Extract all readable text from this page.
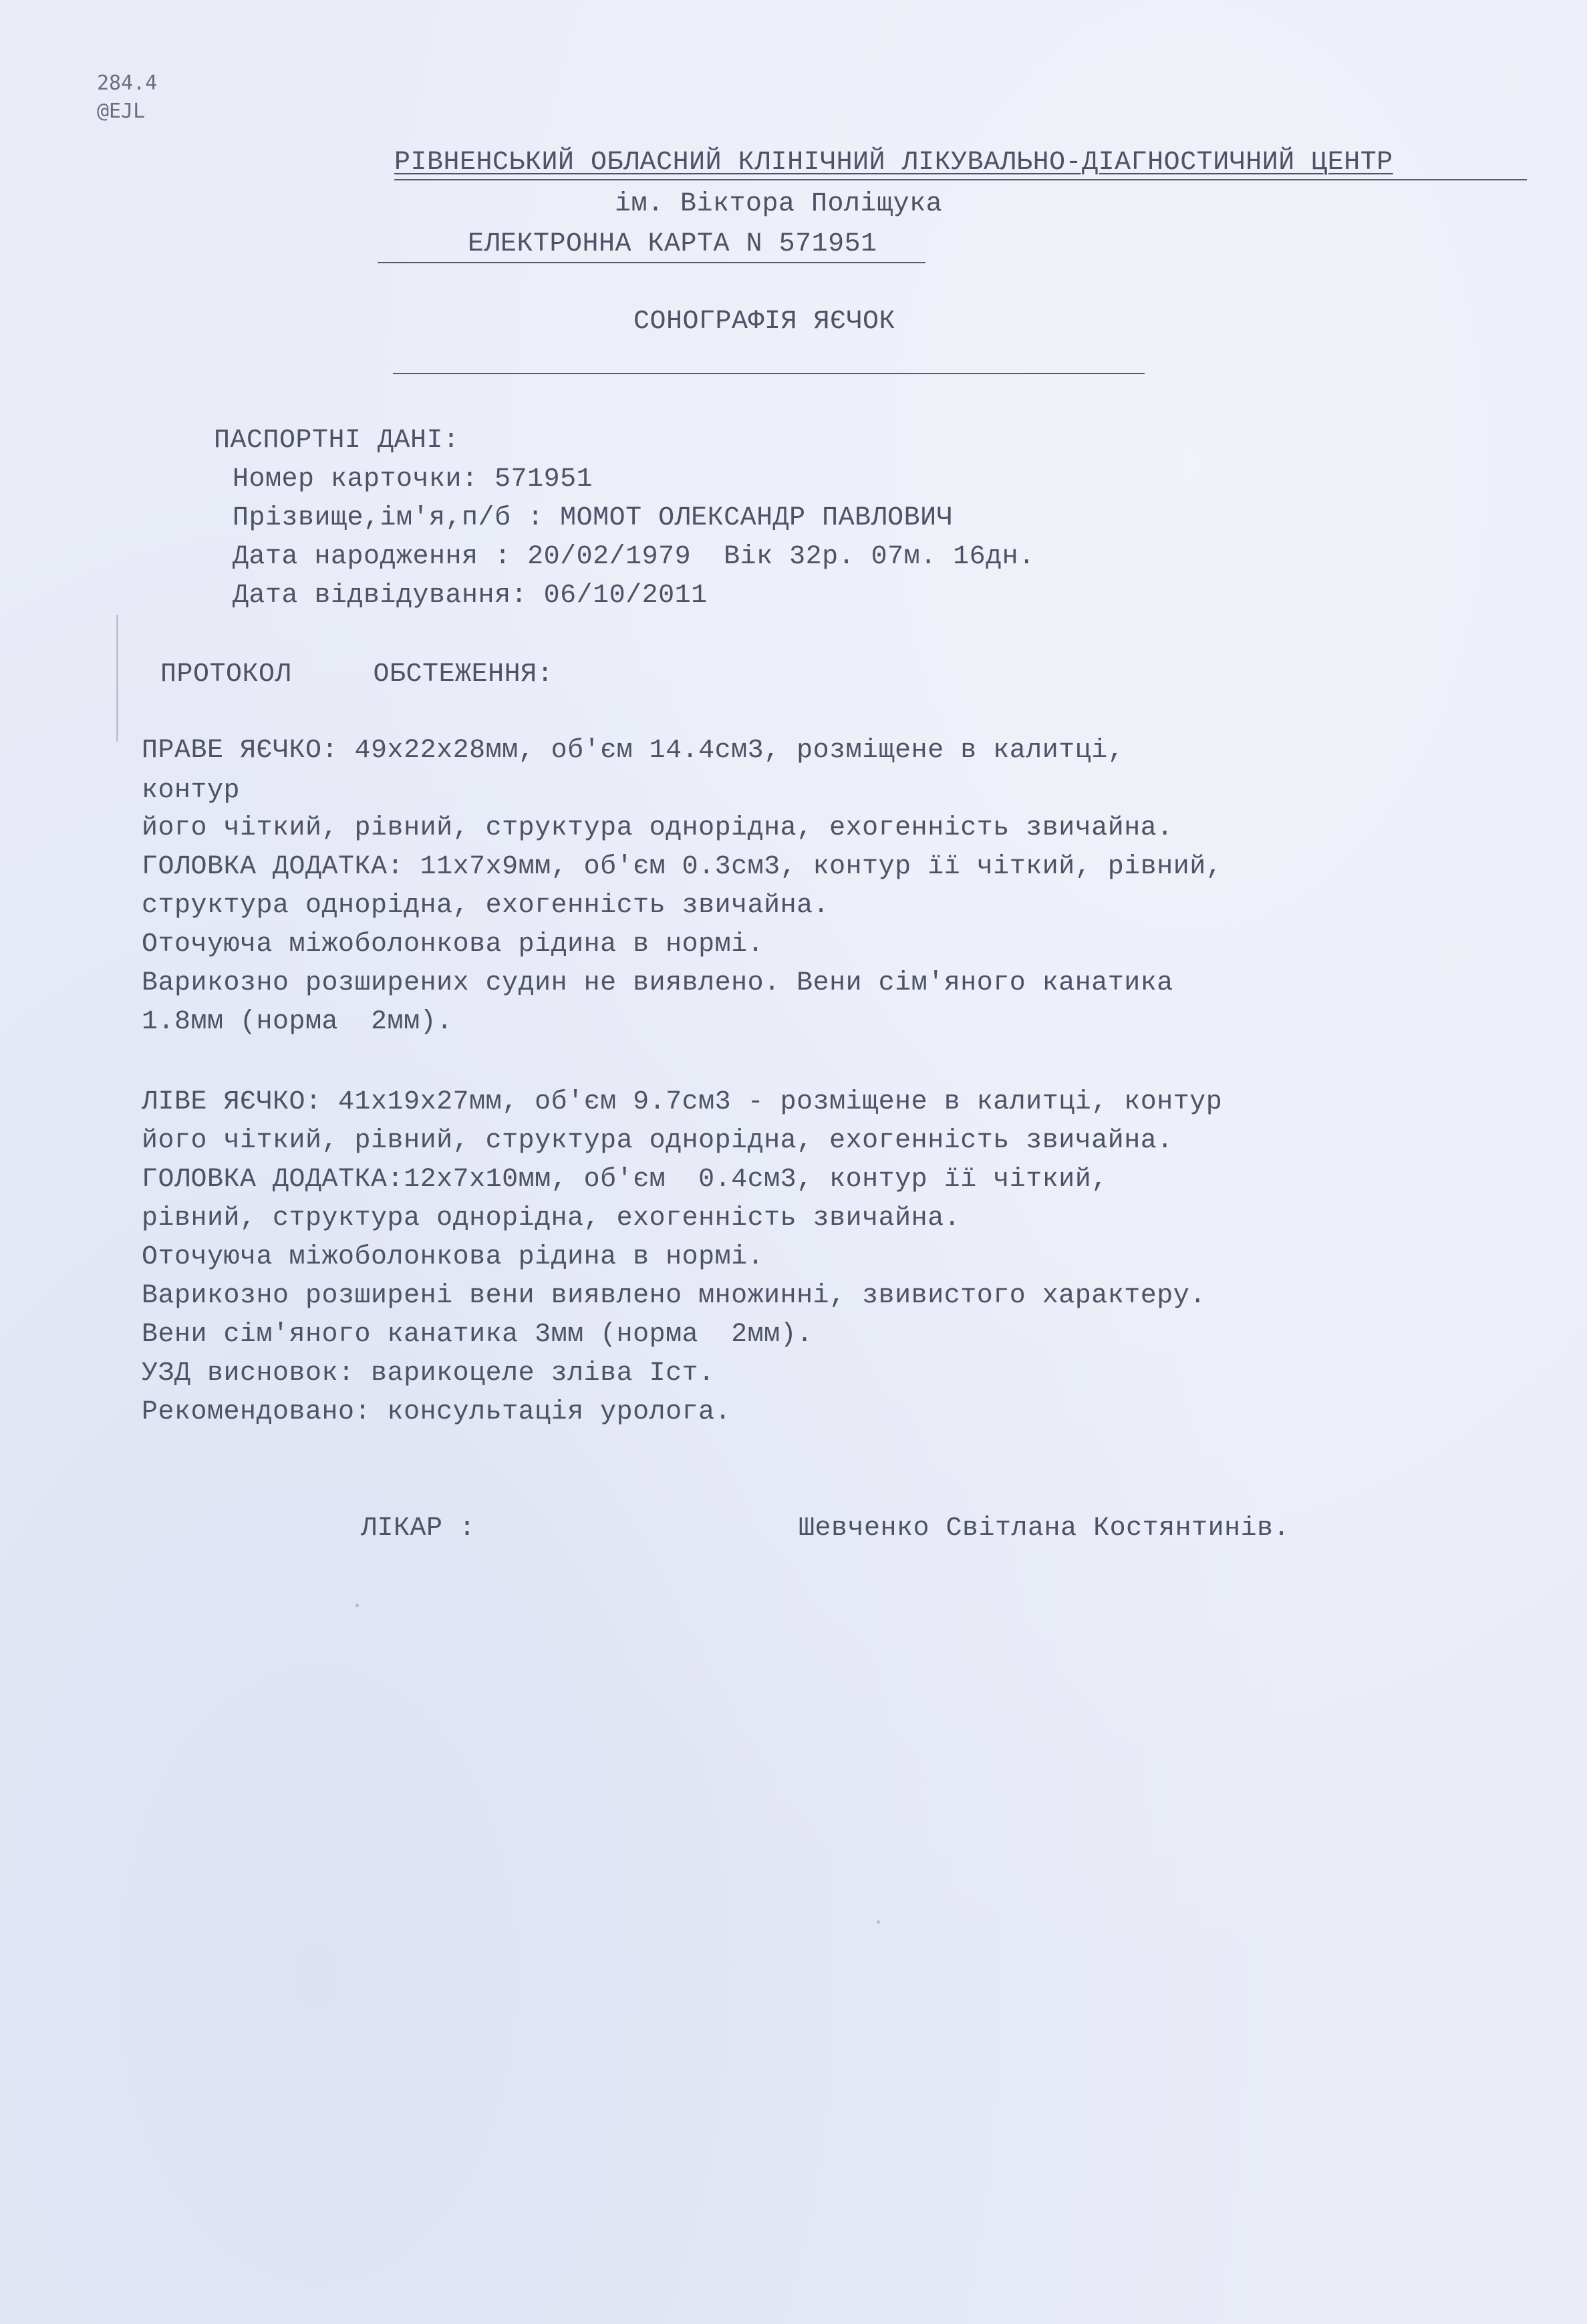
284.4
@EJL
РІВНЕНСЬКИЙ ОБЛАСНИЙ КЛІНІЧНИЙ ЛІКУВАЛЬНО-ДІАГНОСТИЧНИЙ ЦЕНТР
ім. Віктора Поліщука
ЕЛЕКТРОННА КАРТА N 571951
СОНОГРАФІЯ ЯЄЧОК
ПАСПОРТНІ ДАНІ:
Номер карточки: 571951
Прізвище,ім'я,п/б : МОМОТ ОЛЕКСАНДР ПАВЛОВИЧ
Дата народження : 20/02/1979  Вік 32р. 07м. 16дн.
Дата відвідування: 06/10/2011
ПРОТОКОЛ     ОБСТЕЖЕННЯ:
ПРАВЕ ЯЄЧКО: 49x22x28мм, об'єм 14.4см3, розміщене в калитці,
контур
його чіткий, рівний, структура однорідна, ехогенність звичайна.
ГОЛОВКА ДОДАТКА: 11x7x9мм, об'єм 0.3см3, контур її чіткий, рівний,
структура однорідна, ехогенність звичайна.
Оточуюча міжоболонкова рідина в нормі.
Варикозно розширених судин не виявлено. Вени сім'яного канатика
1.8мм (норма  2мм).
ЛІВЕ ЯЄЧКО: 41x19x27мм, об'єм 9.7см3 - розміщене в калитці, контур
його чіткий, рівний, структура однорідна, ехогенність звичайна.
ГОЛОВКА ДОДАТКА:12x7x10мм, об'єм  0.4см3, контур її чіткий,
рівний, структура однорідна, ехогенність звичайна.
Оточуюча міжоболонкова рідина в нормі.
Варикозно розширені вени виявлено множинні, звивистого характеру.
Вени сім'яного канатика 3мм (норма  2мм).
УЗД висновок: варикоцеле зліва Іст.
Рекомендовано: консультація уролога.
ЛІКАР :	Шевченко Світлана Костянтинів.
